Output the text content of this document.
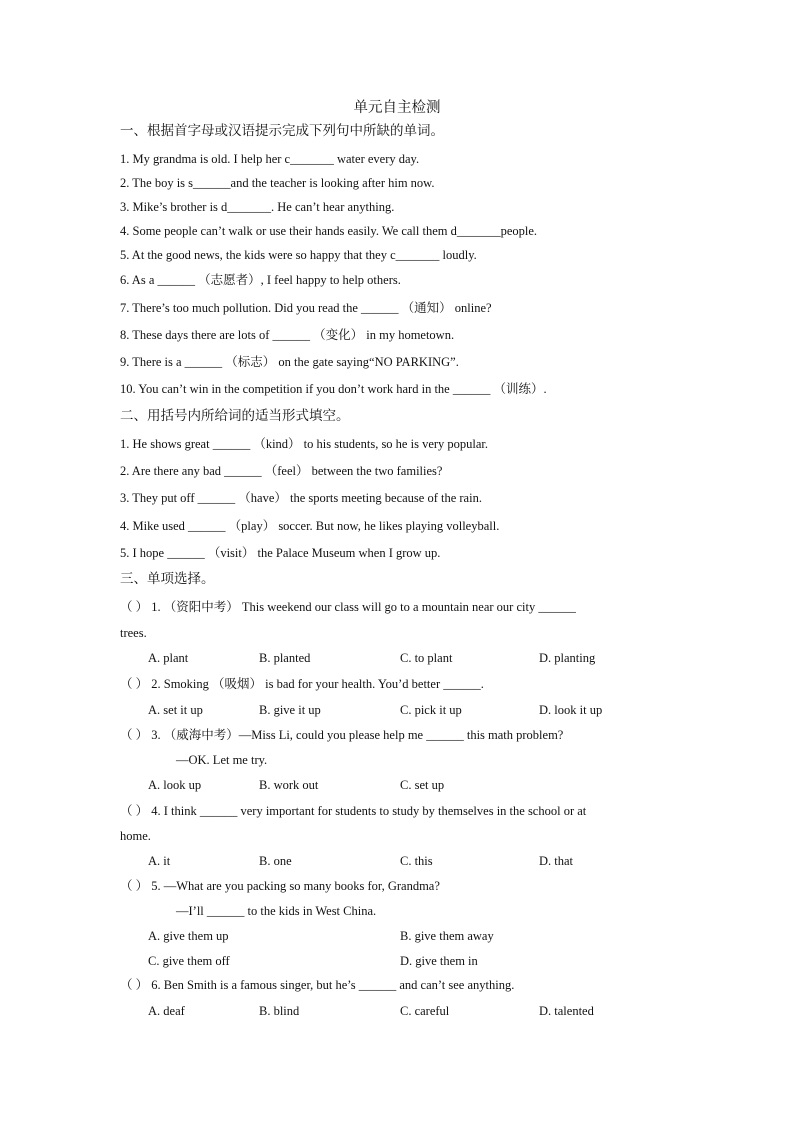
单元自主检测
一、根据首字母或汉语提示完成下列句中所缺的单词。
1. My grandma is old. I help her c_______ water every day.
2. The boy is s______and the teacher is looking after him now.
3. Mike’s brother is d_______. He can’t hear anything.
4. Some people can’t walk or use their hands easily. We call them d_______people.
5. At the good news, the kids were so happy that they c_______ loudly.
6. As a ______ （志愿者）, I feel happy to help others.
7. There’s too much pollution. Did you read the ______ （通知） online?
8. These days there are lots of ______ （变化） in my hometown.
9. There is a ______ （标志） on the gate saying“NO PARKING”.
10. You can’t win in the competition if you don’t work hard in the ______ （训练）.
二、用括号内所给词的适当形式填空。
1. He shows great ______ （kind） to his students, so he is very popular.
2. Are there any bad ______ （feel） between the two families?
3. They put off ______ （have） the sports meeting because of the rain.
4. Mike used ______ （play） soccer. But now, he likes playing volleyball.
5. I hope ______ （visit） the Palace Museum when I grow up.
三、单项选择。
（ ） 1. （资阳中考） This weekend our class will go to a mountain near our city ______
trees.
A. plant	B. planted	C. to plant	D. planting
（ ） 2. Smoking （吸烟） is bad for your health. You’d better ______.
A. set it up	B. give it up	C. pick it up	D. look it up
（ ） 3. （威海中考）—Miss Li, could you please help me ______ this math problem?
—OK. Let me try.
A. look up	B. work out	C. set up
（ ） 4. I think ______ very important for students to study by themselves in the school or at
home.
A. it	B. one	C. this	D. that
（ ） 5. —What are you packing so many books for, Grandma?
—I’ll ______ to the kids in West China.
A. give them up	B. give them away
C. give them off	D. give them in
（ ） 6. Ben Smith is a famous singer, but he’s ______ and can’t see anything.
A. deaf	B. blind	C. careful	D. talented
